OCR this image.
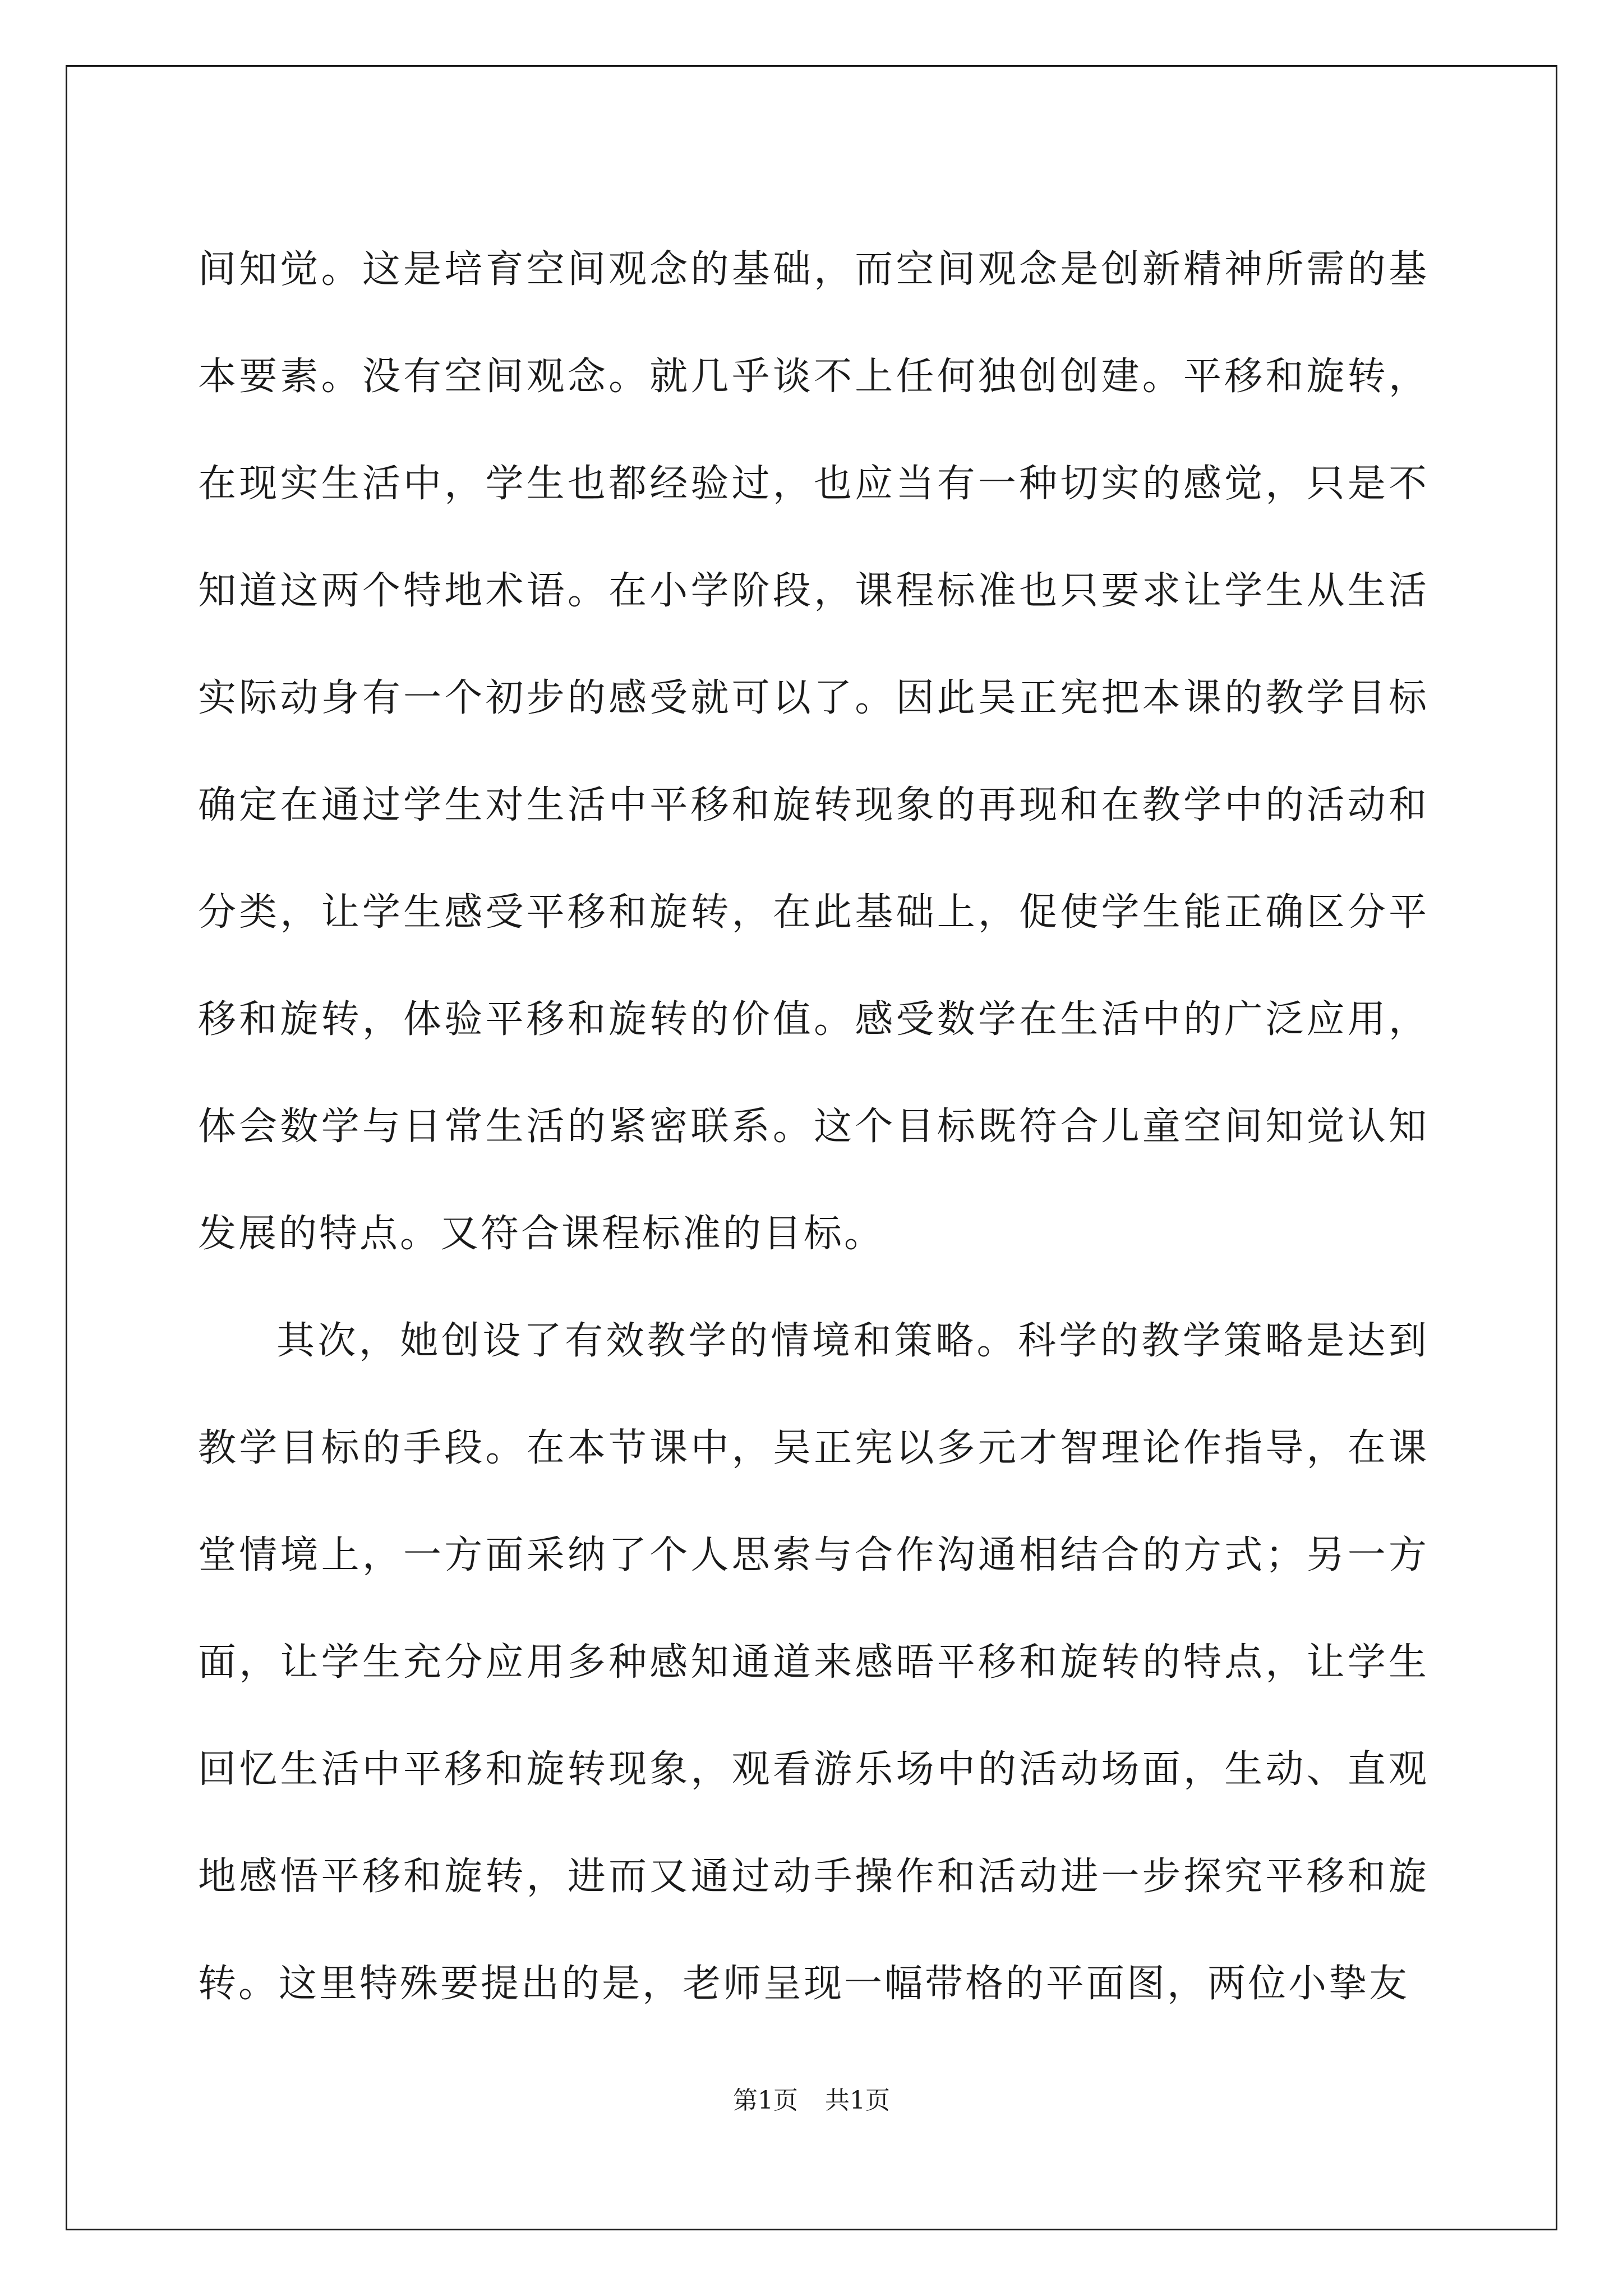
间知觉。这是培育空间观念的基础，而空间观念是创新精神所需的基本要素。没有空间观念。就几乎谈不上任何独创创建。平移和旋转，在现实生活中，学生也都经验过，也应当有一种切实的感觉，只是不知道这两个特地术语。在小学阶段，课程标准也只要求让学生从生活实际动身有一个初步的感受就可以了。因此吴正宪把本课的教学目标确定在通过学生对生活中平移和旋转现象的再现和在教学中的活动和分类，让学生感受平移和旋转，在此基础上，促使学生能正确区分平移和旋转，体验平移和旋转的价值。感受数学在生活中的广泛应用，体会数学与日常生活的紧密联系。这个目标既符合儿童空间知觉认知发展的特点。又符合课程标准的目标。

其次，她创设了有效教学的情境和策略。科学的教学策略是达到教学目标的手段。在本节课中，吴正宪以多元才智理论作指导，在课堂情境上，一方面采纳了个人思索与合作沟通相结合的方式；另一方面，让学生充分应用多种感知通道来感晤平移和旋转的特点，让学生回忆生活中平移和旋转现象，观看游乐场中的活动场面，生动、直观地感悟平移和旋转，进而又通过动手操作和活动进一步探究平移和旋转。这里特殊要提出的是，老师呈现一幅带格的平面图，两位小挚友

第1页 共1页
